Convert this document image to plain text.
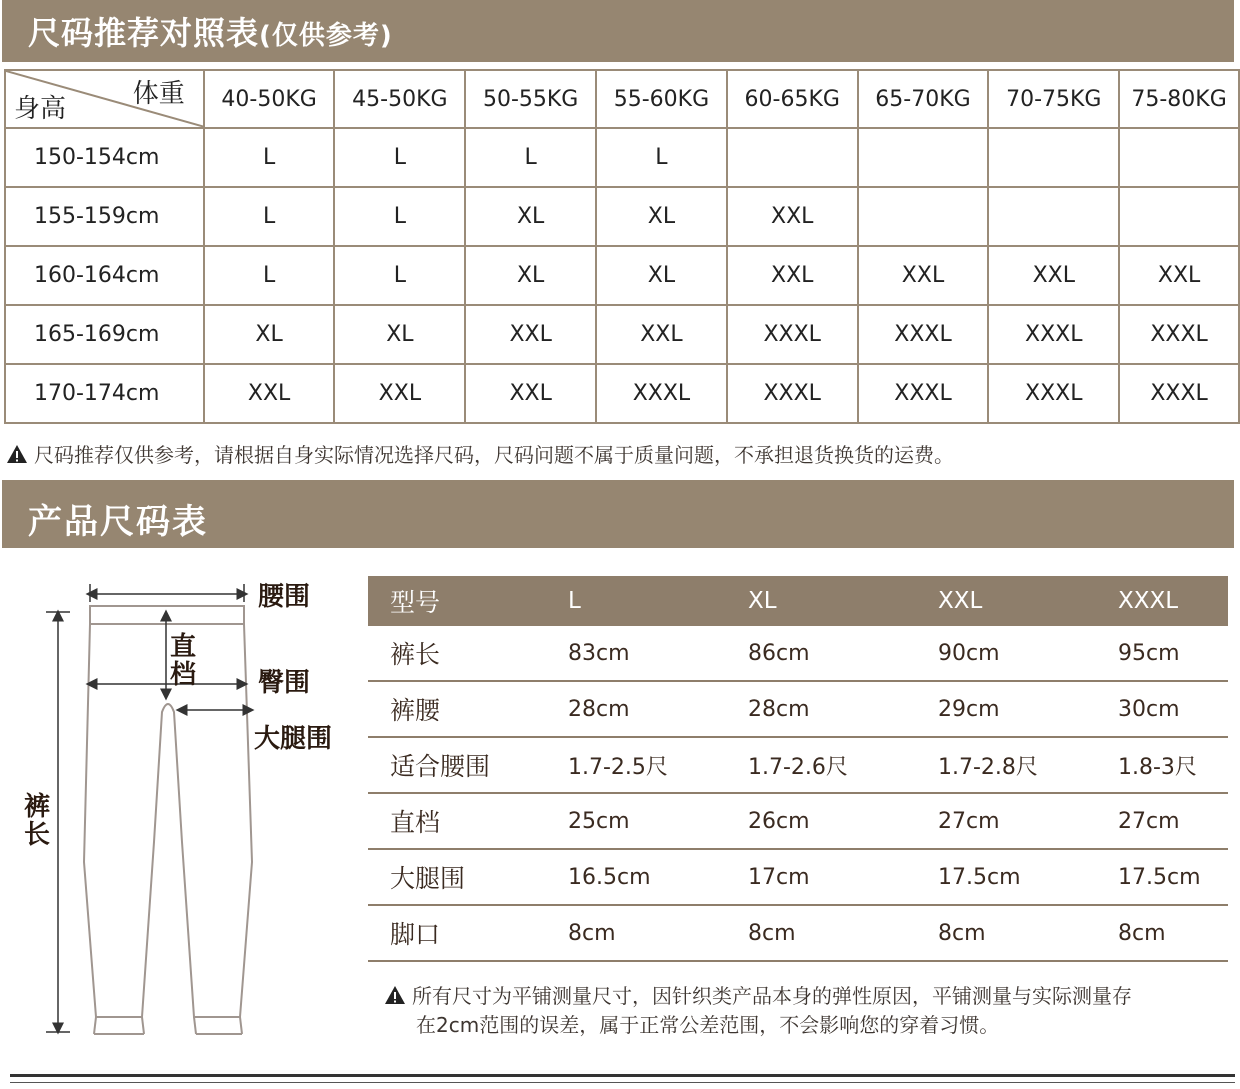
尺码推荐对照表(仅供参考)
体重
身高	40-50KG	45-50KG	50-55KG	55-60KG	60-65KG	65-70KG	70-75KG	75-80KG
150-154cm	L	L	L	L				
155-159cm	L	L	XL	XL	XXL			
160-164cm	L	L	XL	XL	XXL	XXL	XXL	XXL
165-169cm	XL	XL	XXL	XXL	XXXL	XXXL	XXXL	XXXL
170-174cm	XXL	XXL	XXL	XXXL	XXXL	XXXL	XXXL	XXXL
尺码推荐仅供参考，请根据自身实际情况选择尺码，尺码问题不属于质量问题，不承担退货换货的运费。
产品尺码表
腰围
直
档 臀围
大腿围
裤
长
型号	L	XL	XXL	XXXL
裤长	83cm	86cm	90cm	95cm
裤腰	28cm	28cm	29cm	30cm
适合腰围	1.7-2.5尺	1.7-2.6尺	1.7-2.8尺	1.8-3尺
直档	25cm	26cm	27cm	27cm
大腿围	16.5cm	17cm	17.5cm	17.5cm
脚口	8cm	8cm	8cm	8cm
所有尺寸为平铺测量尺寸，因针织类产品本身的弹性原因，平铺测量与实际测量存
在2cm范围的误差，属于正常公差范围，不会影响您的穿着习惯。
